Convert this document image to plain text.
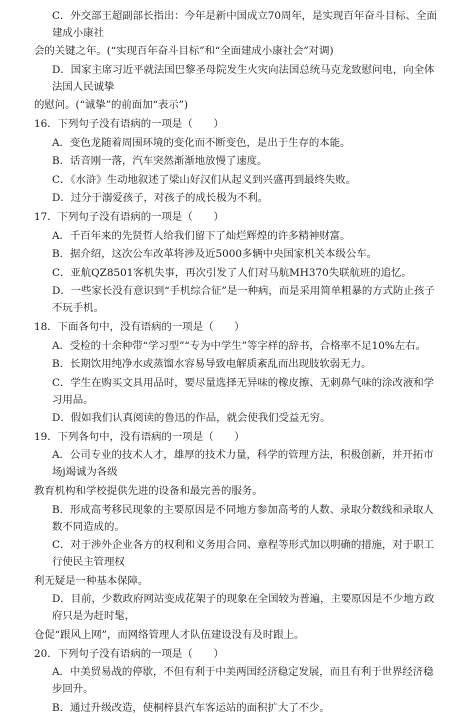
C．外交部王超副部长指出：今年是新中国成立70周年，是实现百年奋斗目标、全面建成小康社
会的关键之年。(“实现百年奋斗目标”和“全面建成小康社会”对调)
D．国家主席习近平就法国巴黎圣母院发生火灾向法国总统马克龙致慰问电，向全体法国人民诚挚
的慰问。(“诚挚”的前面加“表示”)
16．下列句子没有语病的一项是（　　）
A．变色龙随着周围环境的变化而不断变色，是出于生存的本能。
B．话音刚一落，汽车突然渐渐地放慢了速度。
C．《水浒》生动地叙述了梁山好汉们从起义到兴盛再到最终失败。
D．过分于溺爱孩子，对孩子的成长极为不利。
17．下列句子没有语病的一项是（　　）
A．千百年来的先贤哲人给我们留下了灿烂辉煌的许多精神财富。
B．据介绍，这次公车改革将涉及近5000多辆中央国家机关本级公车。
C．亚航QZ8501客机失事，再次引发了人们对马航MH370失联航班的追忆。
D．一些家长没有意识到“手机综合征”是一种病，而是采用简单粗暴的方式防止孩子不玩手机。
18．下面各句中，没有语病的一项是（　　）
A．受检的十余种带“学习型”“专为中学生”等字样的辞书，合格率不足10%左右。
B．长期饮用纯净水或蒸馏水容易导致电解质紊乱而出现肢软弱无力。
C．学生在购买文具用品时，要尽量选择无异味的橡皮擦、无刺鼻气味的涂改液和学习用品。
D．假如我们认真阅读的鲁迅的作品，就会使我们受益无穷。
19．下列各句中，没有语病的一项是（　　）
A．公司专业的技术人才，雄厚的技术力量，科学的管理方法，积极创新，并开拓市场j竭诚为各级
教育机构和学校提供先进的设备和最完善的服务。
B．形成高考移民现象的主要原因是不同地方参加高考的人数、录取分数线和录取人数不同造成的。
C．对于涉外企业各方的权利和义务用合同、章程等形式加以明确的措施，对于职工行使民主管理权
利无疑是一种基本保障。
D．目前，少数政府网站变成花架子的现象在全国较为普遍，主要原因是不少地方政府只是为赶时髦，
仓促“跟风上网”，而网络管理人才队伍建设没有及时跟上。
20．下列句子没有语病的一项是（　　）
A．中美贸易战的停歇，不但有利于中美两国经济稳定发展，而且有利于世界经济稳步回升。
B．通过升级改造，使桐梓县汽车客运站的面积扩大了不少。
